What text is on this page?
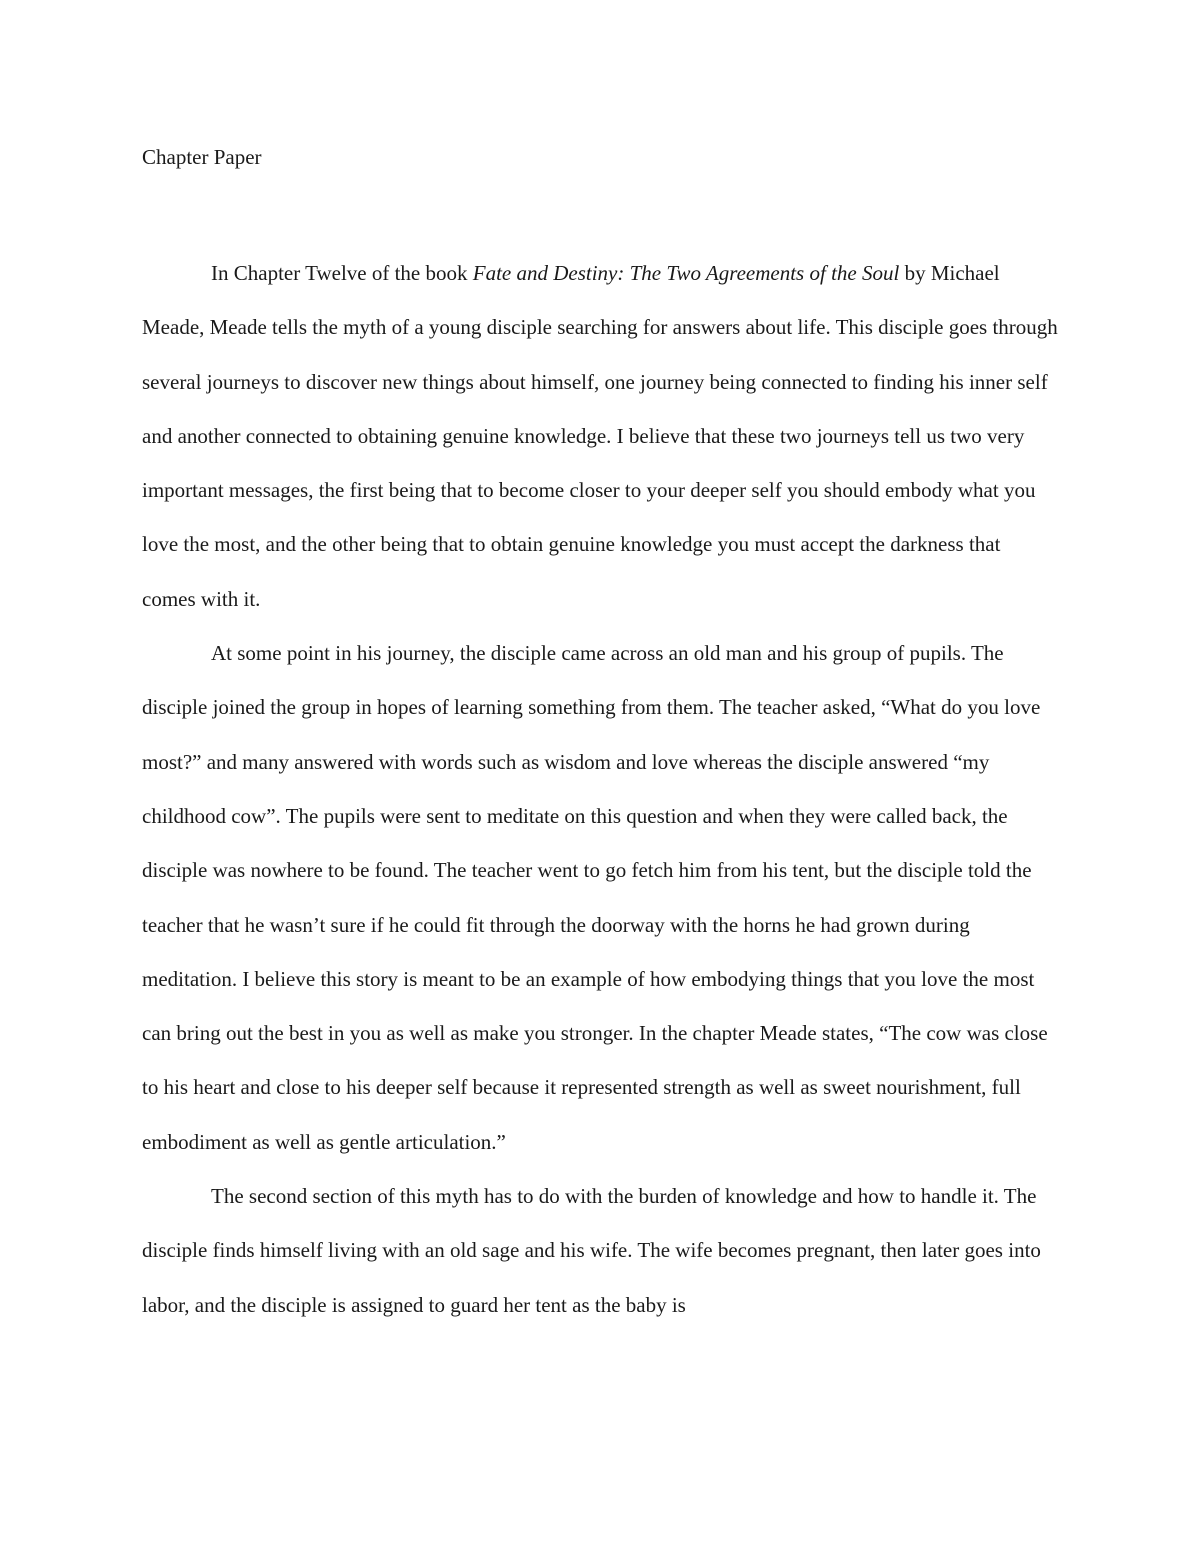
Chapter Paper

In Chapter Twelve of the book Fate and Destiny: The Two Agreements of the Soul by Michael Meade, Meade tells the myth of a young disciple searching for answers about life. This disciple goes through several journeys to discover new things about himself, one journey being connected to finding his inner self and another connected to obtaining genuine knowledge. I believe that these two journeys tell us two very important messages, the first being that to become closer to your deeper self you should embody what you love the most, and the other being that to obtain genuine knowledge you must accept the darkness that comes with it.

At some point in his journey, the disciple came across an old man and his group of pupils. The disciple joined the group in hopes of learning something from them. The teacher asked, “What do you love most?” and many answered with words such as wisdom and love whereas the disciple answered “my childhood cow”. The pupils were sent to meditate on this question and when they were called back, the disciple was nowhere to be found. The teacher went to go fetch him from his tent, but the disciple told the teacher that he wasn’t sure if he could fit through the doorway with the horns he had grown during meditation. I believe this story is meant to be an example of how embodying things that you love the most can bring out the best in you as well as make you stronger. In the chapter Meade states, “The cow was close to his heart and close to his deeper self because it represented strength as well as sweet nourishment, full embodiment as well as gentle articulation.”

The second section of this myth has to do with the burden of knowledge and how to handle it. The disciple finds himself living with an old sage and his wife. The wife becomes pregnant, then later goes into labor, and the disciple is assigned to guard her tent as the baby is
